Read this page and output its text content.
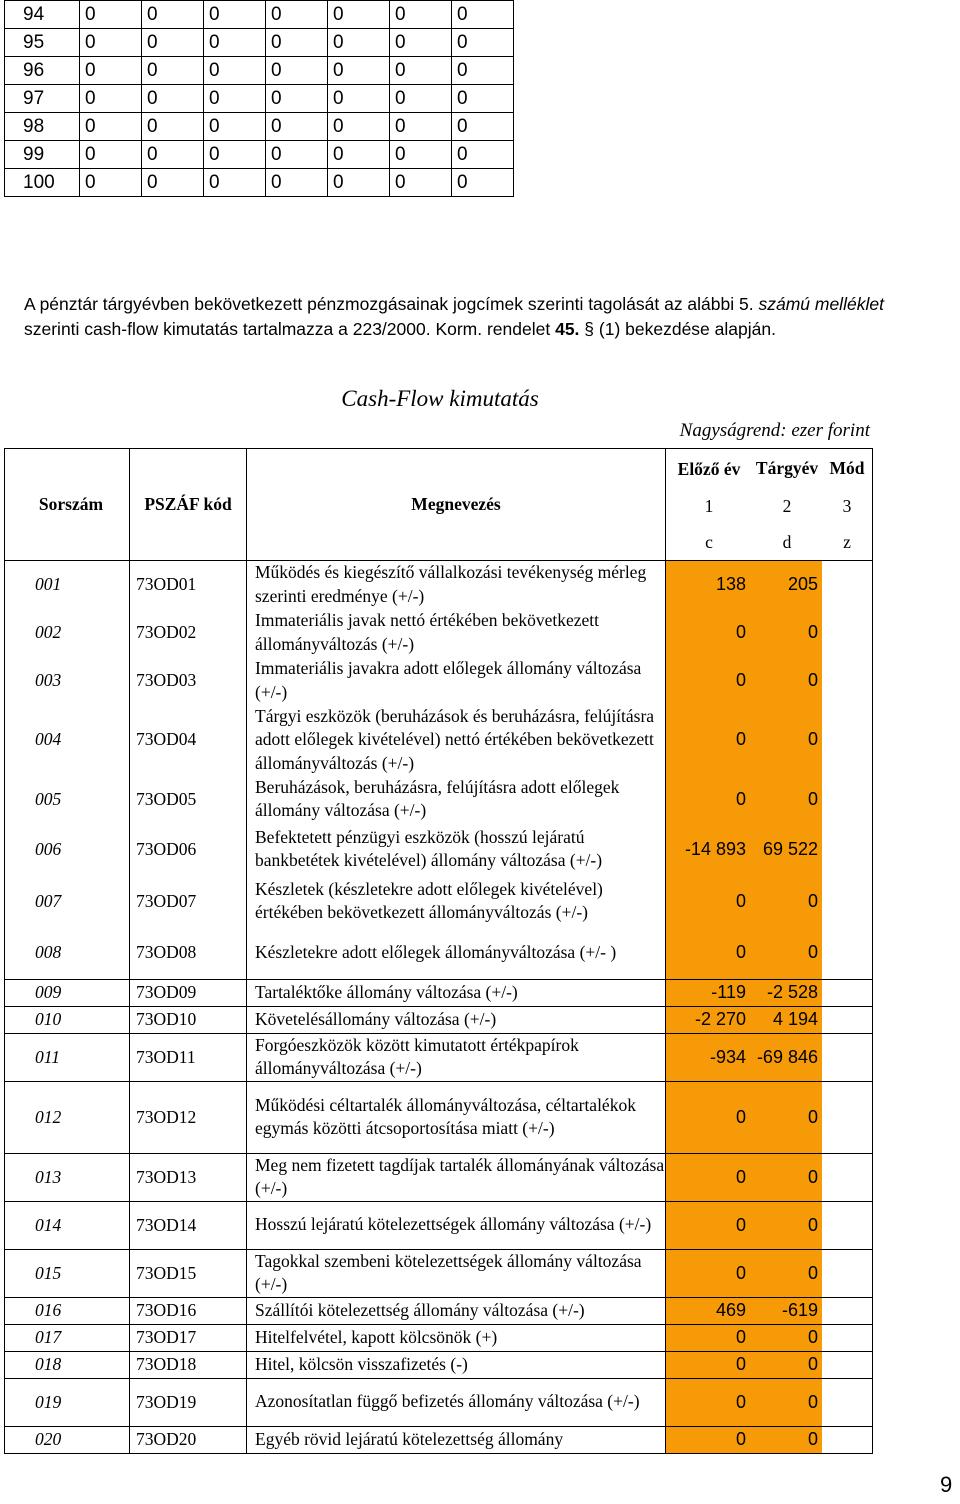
94	0	0	0	0	0	0	0
95	0	0	0	0	0	0	0
96	0	0	0	0	0	0	0
97	0	0	0	0	0	0	0
98	0	0	0	0	0	0	0
99	0	0	0	0	0	0	0
100	0	0	0	0	0	0	0
A pénztár tárgyévben bekövetkezett pénzmozgásainak jogcímek szerinti tagolását az alábbi 5. számú melléklet szerinti cash-flow kimutatás tartalmazza a 223/2000. Korm. rendelet 45. § (1) bekezdése alapján.
Cash-Flow kimutatás
Nagyságrend: ezer forint
Sorszám	PSZÁF kód	Megnevezés	Előző év	Tárgyév	Mód
			1	2	3
			c	d	z
001	73OD01	Működés és kiegészítő vállalkozási tevékenység mérleg szerinti eredménye (+/-)	138	205	
002	73OD02	Immateriális javak nettó értékében bekövetkezett állományváltozás (+/-)	0	0	
003	73OD03	Immateriális javakra adott előlegek állomány változása (+/-)	0	0	
004	73OD04	Tárgyi eszközök (beruházások és beruházásra, felújításra adott előlegek kivételével) nettó értékében bekövetkezett állományváltozás (+/-)	0	0	
005	73OD05	Beruházások, beruházásra, felújításra adott előlegek állomány változása (+/-)	0	0	
006	73OD06	Befektetett pénzügyi eszközök (hosszú lejáratú bankbetétek kivételével) állomány változása (+/-)	-14 893	69 522	
007	73OD07	Készletek (készletekre adott előlegek kivételével) értékében bekövetkezett állományváltozás (+/-)	0	0	
008	73OD08	Készletekre adott előlegek állományváltozása (+/- )	0	0	
009	73OD09	Tartaléktőke állomány változása (+/-)	-119	-2 528	
010	73OD10	Követelésállomány változása (+/-)	-2 270	4 194	
011	73OD11	Forgóeszközök között kimutatott értékpapírok állományváltozása (+/-)	-934	-69 846	
012	73OD12	Működési céltartalék állományváltozása, céltartalékok egymás közötti átcsoportosítása miatt (+/-)	0	0	
013	73OD13	Meg nem fizetett tagdíjak tartalék állományának változása (+/-)	0	0	
014	73OD14	Hosszú lejáratú kötelezettségek állomány változása (+/-)	0	0	
015	73OD15	Tagokkal szembeni kötelezettségek állomány változása (+/-)	0	0	
016	73OD16	Szállítói kötelezettség állomány változása (+/-)	469	-619	
017	73OD17	Hitelfelvétel, kapott kölcsönök (+)	0	0	
018	73OD18	Hitel, kölcsön visszafizetés (-)	0	0	
019	73OD19	Azonosítatlan függő befizetés állomány változása (+/-)	0	0	
020	73OD20	Egyéb rövid lejáratú kötelezettség állomány	0	0	
9
